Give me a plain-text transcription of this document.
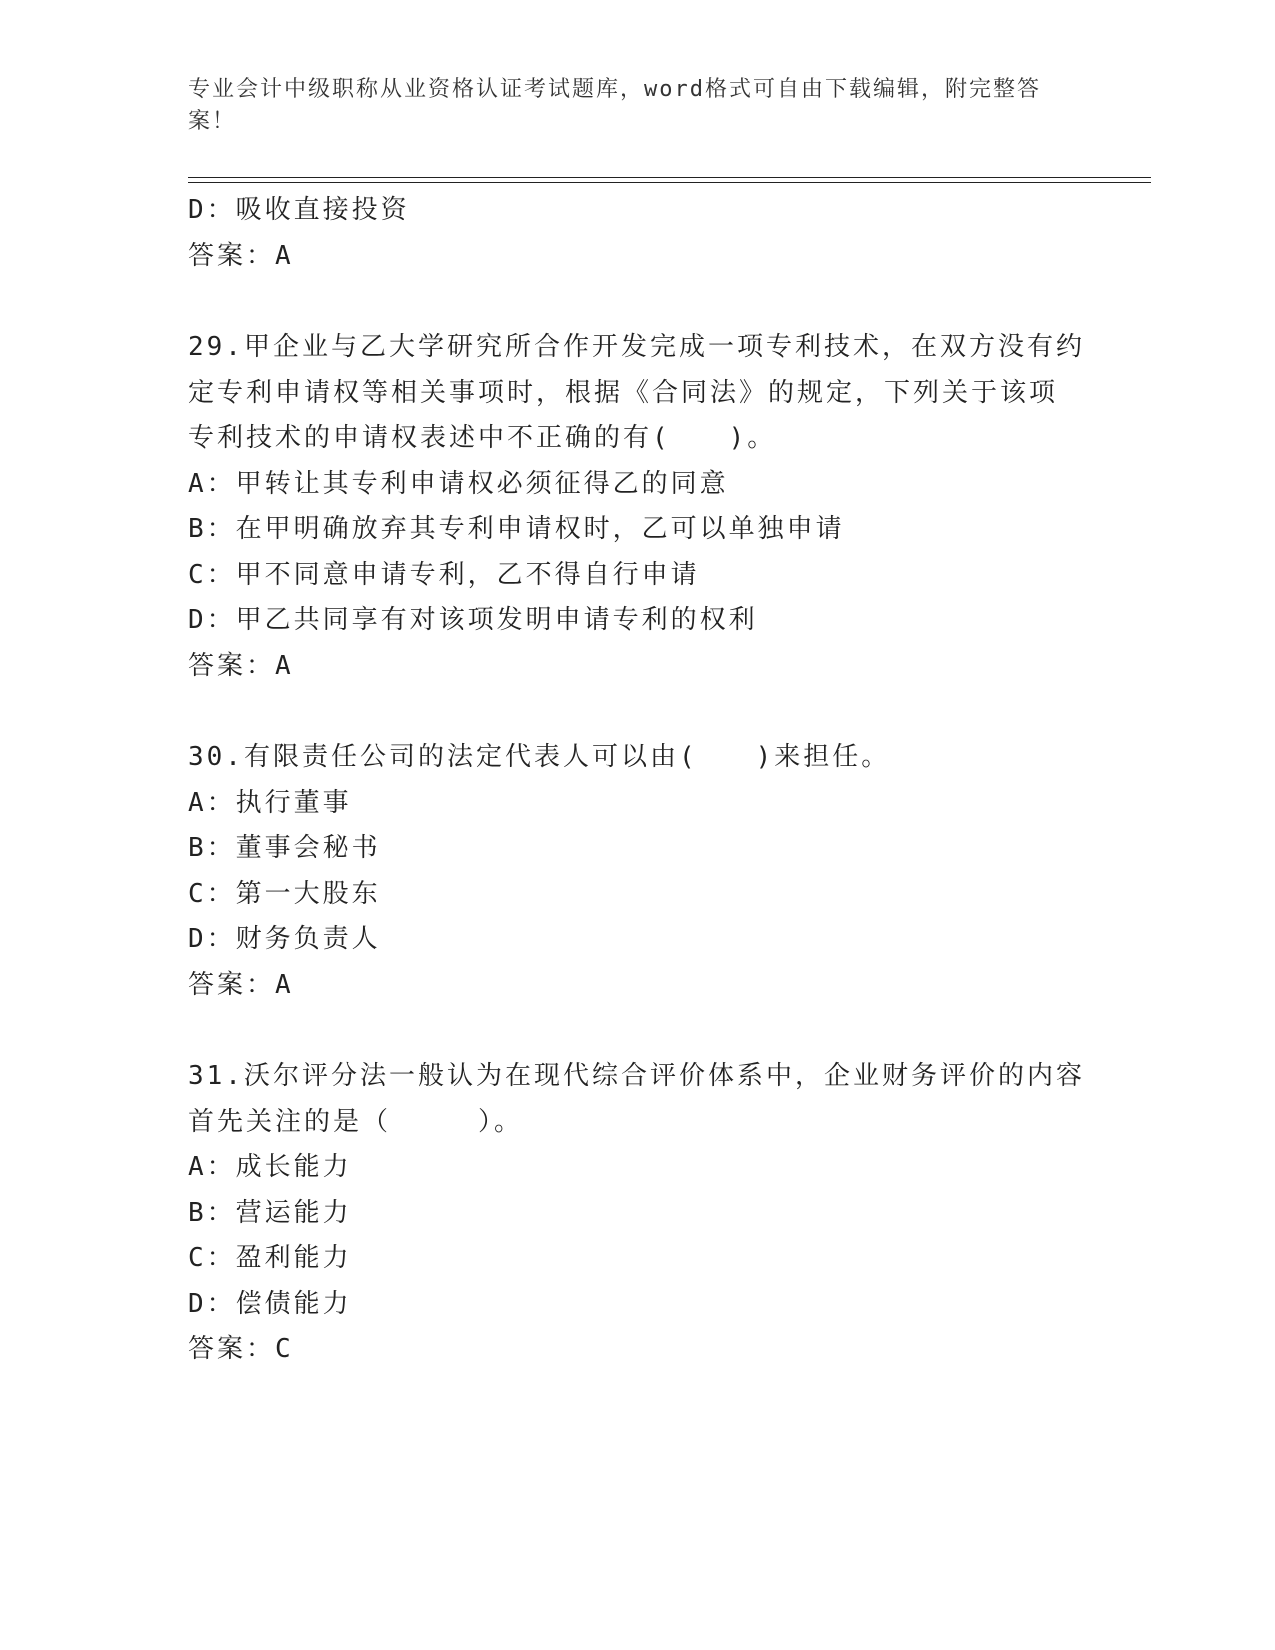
专业会计中级职称从业资格认证考试题库，word格式可自由下载编辑，附完整答案！
D：吸收直接投资
答案：A
29.甲企业与乙大学研究所合作开发完成一项专利技术，在双方没有约
定专利申请权等相关事项时，根据《合同法》的规定，下列关于该项
专利技术的申请权表述中不正确的有(　　)。
A：甲转让其专利申请权必须征得乙的同意
B：在甲明确放弃其专利申请权时，乙可以单独申请
C：甲不同意申请专利，乙不得自行申请
D：甲乙共同享有对该项发明申请专利的权利
答案：A
30.有限责任公司的法定代表人可以由(　　)来担任。
A：执行董事
B：董事会秘书
C：第一大股东
D：财务负责人
答案：A
31.沃尔评分法一般认为在现代综合评价体系中，企业财务评价的内容
首先关注的是（　　　）。
A：成长能力
B：营运能力
C：盈利能力
D：偿债能力
答案：C
